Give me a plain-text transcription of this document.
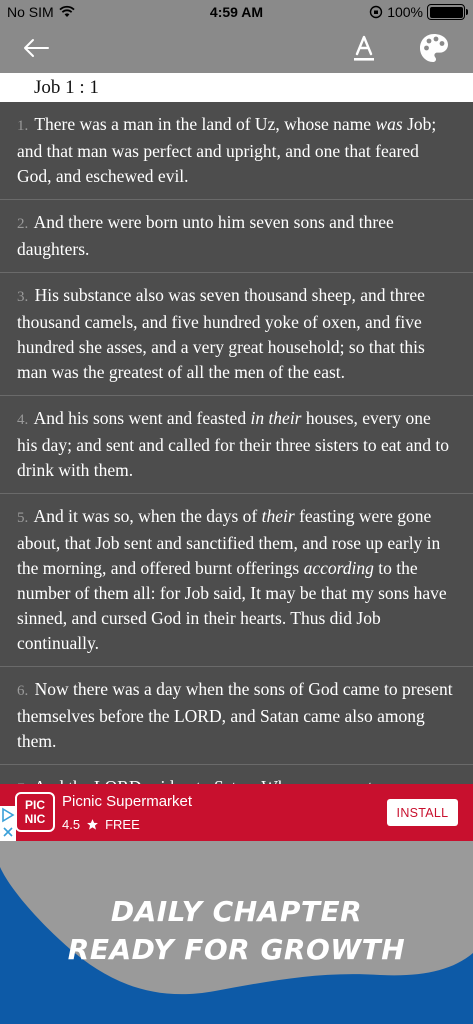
No SIM	4:59 AM	100%
Job 1 : 1
1. There was a man in the land of Uz, whose name was Job; and that man was perfect and upright, and one that feared God, and eschewed evil.
2. And there were born unto him seven sons and three daughters.
3. His substance also was seven thousand sheep, and three thousand camels, and five hundred yoke of oxen, and five hundred she asses, and a very great household; so that this man was the greatest of all the men of the east.
4. And his sons went and feasted in their houses, every one his day; and sent and called for their three sisters to eat and to drink with them.
5. And it was so, when the days of their feasting were gone about, that Job sent and sanctified them, and rose up early in the morning, and offered burnt offerings according to the number of them all: for Job said, It may be that my sons have sinned, and cursed God in their hearts. Thus did Job continually.
6. Now there was a day when the sons of God came to present themselves before the LORD, and Satan came also among them.
PIC NIC
Picnic Supermarket
4.5 FREE
INSTALL
DAILY CHAPTER
READY FOR GROWTH
